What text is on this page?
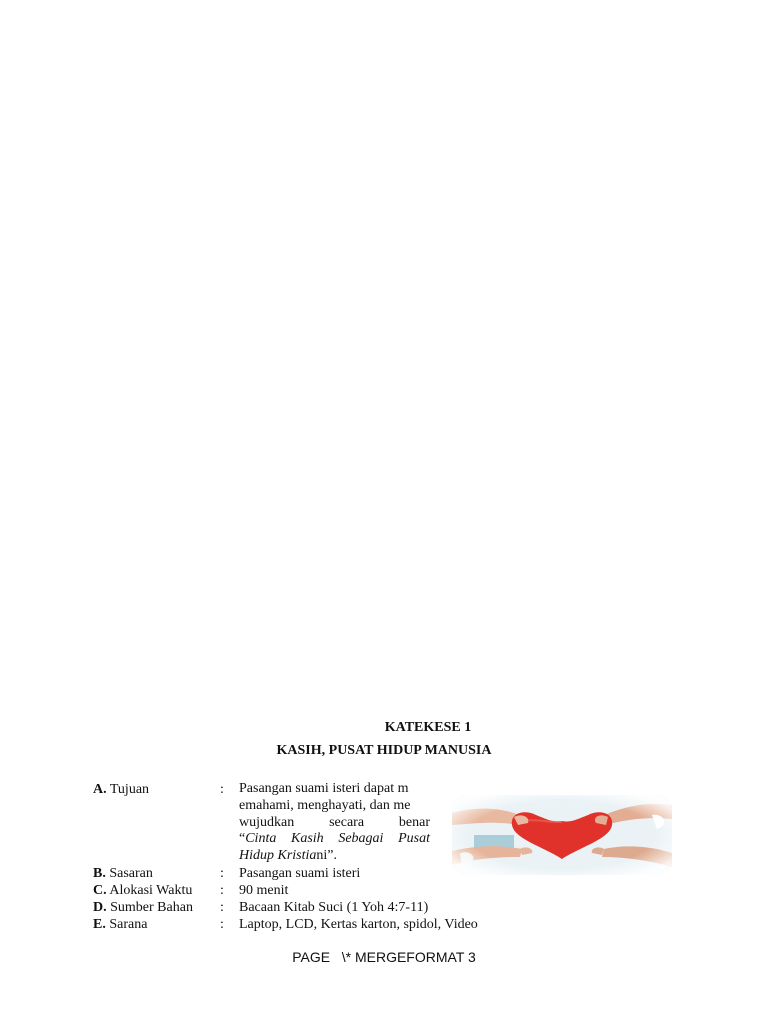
KATEKESE 1
KASIH, PUSAT HIDUP MANUSIA
A. Tujuan	: Pasangan suami isteri dapat m
emahami, menghayati, dan me
wujudkan secara benar
“Cinta Kasih Sebagai Pusat
Hidup Kristiani”.
B. Sasaran	: Pasangan suami isteri
C. Alokasi Waktu : 90 menit
D. Sumber Bahan : Bacaan Kitab Suci (1 Yoh 4:7-11)
E. Sarana	: Laptop, LCD, Kertas karton, spidol, Video
PAGE   \* MERGEFORMAT 3
